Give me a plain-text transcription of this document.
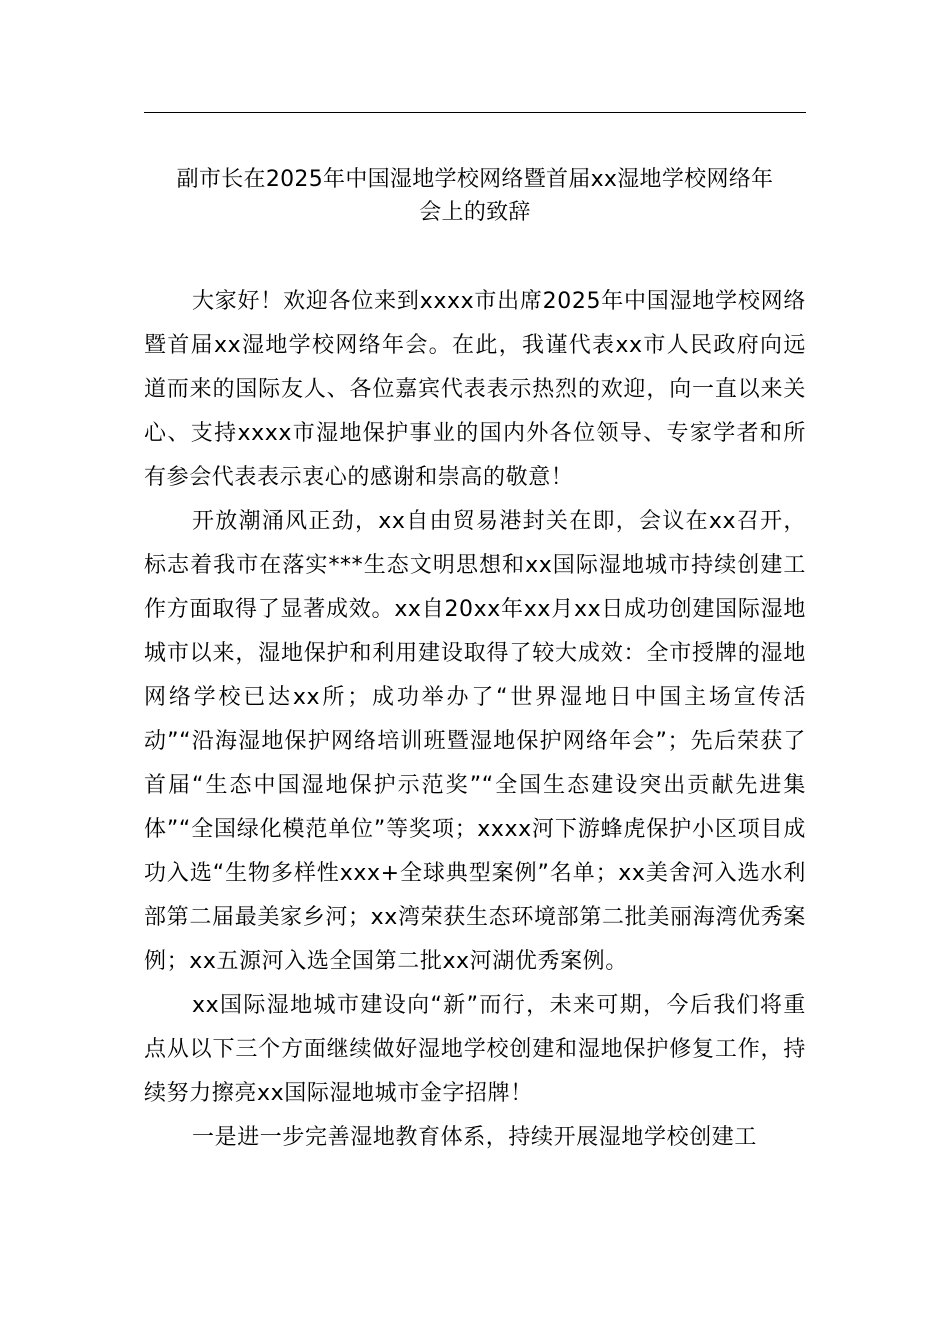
副市长在2025年中国湿地学校网络暨首届xx湿地学校网络年
会上的致辞

大家好！欢迎各位来到xxxx市出席2025年中国湿地学校网络暨首届xx湿地学校网络年会。在此，我谨代表xx市人民政府向远道而来的国际友人、各位嘉宾代表表示热烈的欢迎，向一直以来关心、支持xxxx市湿地保护事业的国内外各位领导、专家学者和所有参会代表表示衷心的感谢和崇高的敬意！

开放潮涌风正劲，xx自由贸易港封关在即，会议在xx召开，标志着我市在落实***生态文明思想和xx国际湿地城市持续创建工作方面取得了显著成效。xx自20xx年xx月xx日成功创建国际湿地城市以来，湿地保护和利用建设取得了较大成效：全市授牌的湿地网络学校已达xx所；成功举办了“世界湿地日中国主场宣传活动”“沿海湿地保护网络培训班暨湿地保护网络年会”；先后荣获了首届“生态中国湿地保护示范奖”“全国生态建设突出贡献先进集体”“全国绿化模范单位”等奖项；xxxx河下游蜂虎保护小区项目成功入选“生物多样性xxx+全球典型案例”名单；xx美舍河入选水利部第二届最美家乡河；xx湾荣获生态环境部第二批美丽海湾优秀案例；xx五源河入选全国第二批xx河湖优秀案例。

xx国际湿地城市建设向“新”而行，未来可期，今后我们将重点从以下三个方面继续做好湿地学校创建和湿地保护修复工作，持续努力擦亮xx国际湿地城市金字招牌！

一是进一步完善湿地教育体系，持续开展湿地学校创建工
